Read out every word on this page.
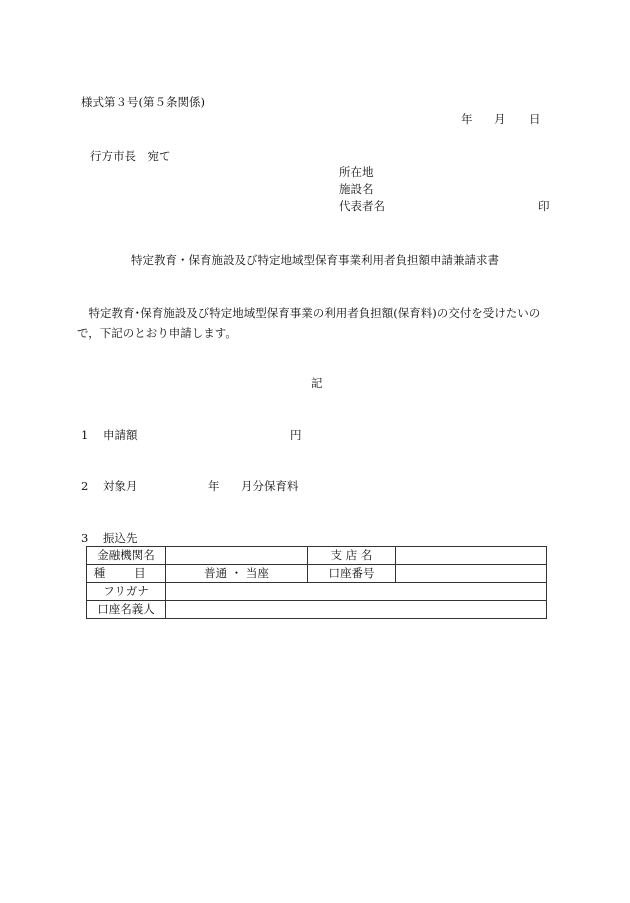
様式第３号(第５条関係)
年 月 日
行方市長　宛て
所在地
施設名
代表者名	印
特定教育・保育施設及び特定地域型保育事業利用者負担額申請兼請求書
特定教育･保育施設及び特定地域型保育事業の利用者負担額(保育料)の交付を受けたいので，下記のとおり申請します。
記
1 申請額	円
2 対象月	年 月分保育料
3 振込先
金融機関名		支 店 名	
種 目	普通 ・ 当座	口座番号	
フリガナ			
口座名義人			
